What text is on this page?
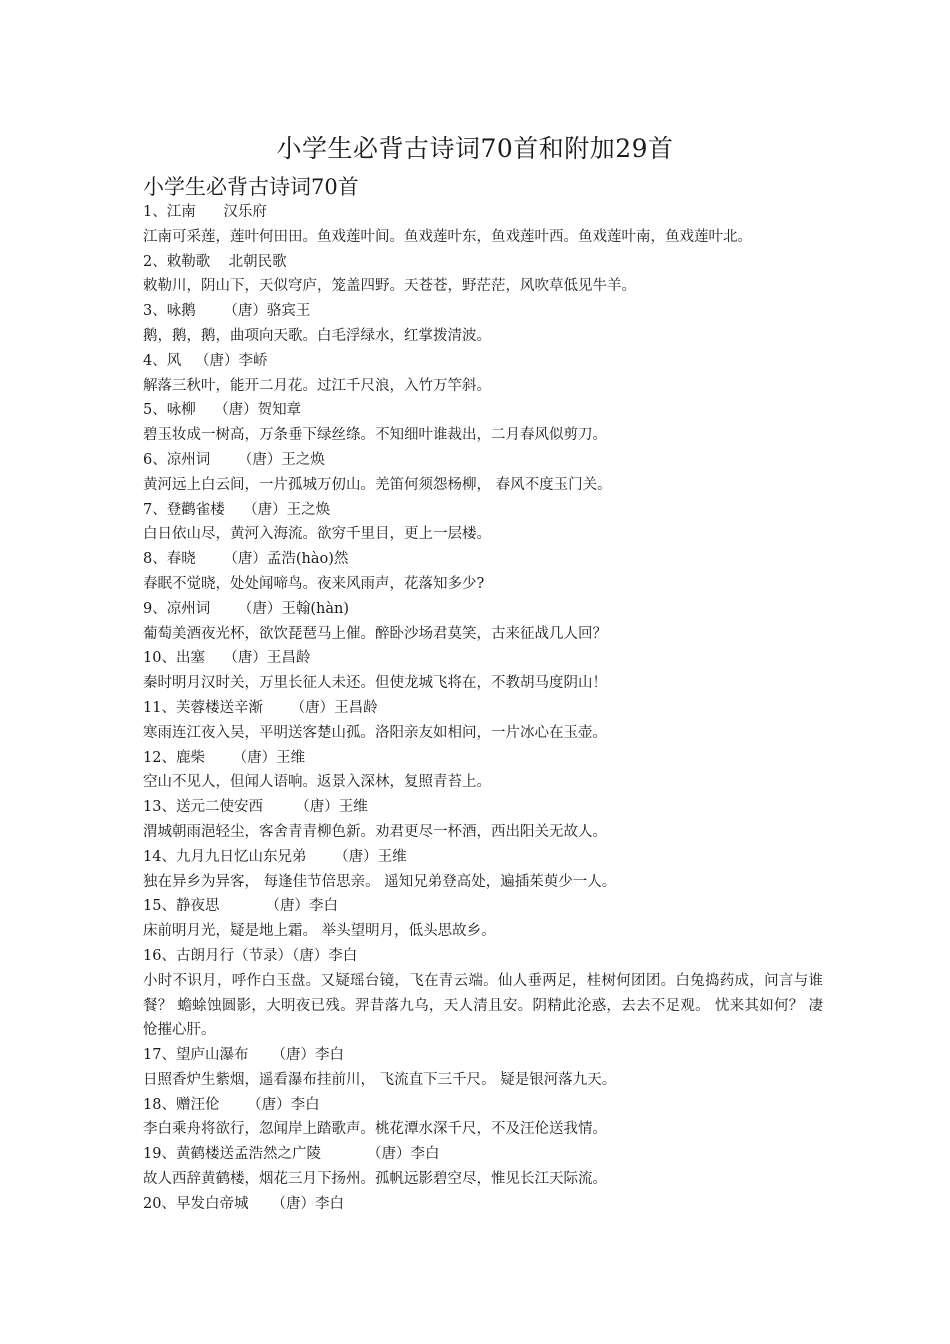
小学生必背古诗词70首和附加29首
小学生必背古诗词70首
1、江南      汉乐府
江南可采莲，莲叶何田田。鱼戏莲叶间。鱼戏莲叶东，鱼戏莲叶西。鱼戏莲叶南，鱼戏莲叶北。
2、敕勒歌    北朝民歌
敕勒川，阴山下，天似穹庐，笼盖四野。天苍苍，野茫茫，风吹草低见牛羊。
3、咏鹅      （唐）骆宾王
鹅，鹅，鹅，曲项向天歌。白毛浮绿水，红掌拨清波。
4、风   （唐）李峤
解落三秋叶，能开二月花。过江千尺浪，入竹万竿斜。
5、咏柳    （唐）贺知章
碧玉妆成一树高，万条垂下绿丝绦。不知细叶谁裁出，二月春风似剪刀。
6、凉州词      （唐）王之焕
黄河远上白云间，一片孤城万仞山。羌笛何须怨杨柳， 春风不度玉门关。
7、登鹳雀楼    （唐）王之焕
白日依山尽，黄河入海流。欲穷千里目，更上一层楼。
8、春晓      （唐）孟浩(hào)然
春眠不觉晓，处处闻啼鸟。夜来风雨声，花落知多少?
9、凉州词      （唐）王翰(hàn)
葡萄美酒夜光杯，欲饮琵琶马上催。醉卧沙场君莫笑，古来征战几人回？
10、出塞    （唐）王昌龄
秦时明月汉时关，万里长征人未还。但使龙城飞将在，不教胡马度阴山！
11、芙蓉楼送辛渐      （唐）王昌龄
寒雨连江夜入吴，平明送客楚山孤。洛阳亲友如相问，一片冰心在玉壶。
12、鹿柴      （唐）王维
空山不见人，但闻人语响。返景入深林，复照青苔上。
13、送元二使安西       （唐）王维
渭城朝雨浥轻尘，客舍青青柳色新。劝君更尽一杯酒，西出阳关无故人。
14、九月九日忆山东兄弟      （唐）王维
独在异乡为异客， 每逢佳节倍思亲。 遥知兄弟登高处，遍插茱萸少一人。
15、静夜思          （唐）李白
床前明月光，疑是地上霜。 举头望明月，低头思故乡。
16、古朗月行（节录）（唐）李白
小时不识月，呼作白玉盘。又疑瑶台镜，飞在青云端。仙人垂两足，桂树何团团。白兔捣药成，问言与谁餐？ 蟾蜍蚀圆影，大明夜已残。羿昔落九乌，天人清且安。阴精此沦惑，去去不足观。 忧来其如何？ 凄怆摧心肝。
17、望庐山瀑布     （唐）李白
日照香炉生紫烟，遥看瀑布挂前川， 飞流直下三千尺。 疑是银河落九天。
18、赠汪伦      （唐）李白
李白乘舟将欲行，忽闻岸上踏歌声。桃花潭水深千尺，不及汪伦送我情。
19、黄鹤楼送孟浩然之广陵          （唐）李白
故人西辞黄鹤楼，烟花三月下扬州。孤帆远影碧空尽，惟见长江天际流。
20、早发白帝城     （唐）李白
